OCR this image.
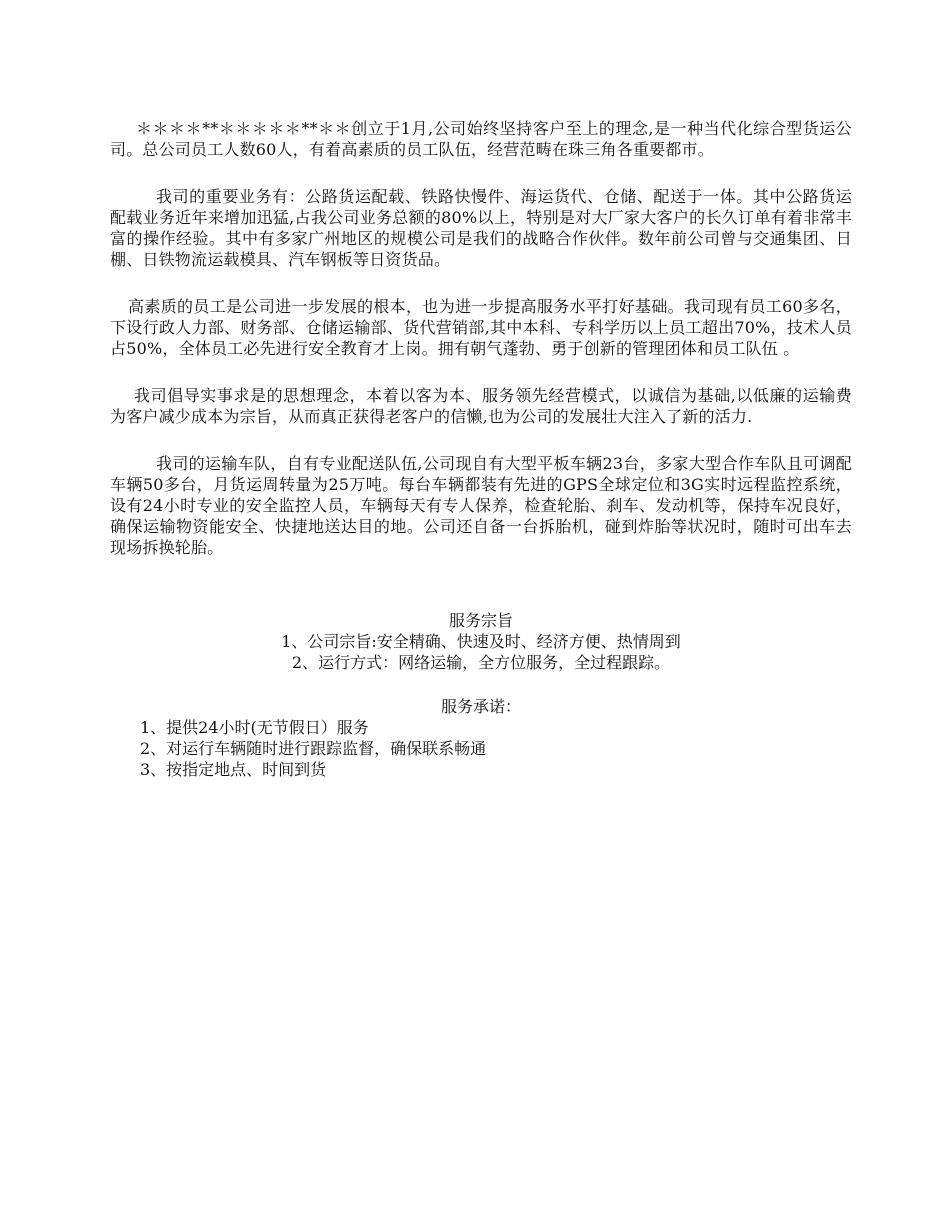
＊＊＊＊**＊＊＊＊＊**＊＊创立于1月,公司始终坚持客户至上的理念,是一种当代化综合型货运公司。总公司员工人数60人，有着高素质的员工队伍，经营范畴在珠三角各重要都市。

我司的重要业务有：公路货运配载、铁路快慢件、海运货代、仓储、配送于一体。其中公路货运配载业务近年来增加迅猛,占我公司业务总额的80%以上，特别是对大厂家大客户的长久订单有着非常丰富的操作经验。其中有多家广州地区的规模公司是我们的战略合作伙伴。数年前公司曾与交通集团、日棚、日铁物流运载模具、汽车钢板等日资货品。

高素质的员工是公司进一步发展的根本，也为进一步提高服务水平打好基础。我司现有员工60多名，下设行政人力部、财务部、仓储运输部、货代营销部,其中本科、专科学历以上员工超出70%，技术人员占50%，全体员工必先进行安全教育才上岗。拥有朝气蓬勃、勇于创新的管理团体和员工队伍 。

我司倡导实事求是的思想理念，本着以客为本、服务领先经营模式，以诚信为基础,以低廉的运输费为客户减少成本为宗旨，从而真正获得老客户的信懒,也为公司的发展壮大注入了新的活力.

我司的运输车队，自有专业配送队伍,公司现自有大型平板车辆23台，多家大型合作车队且可调配车辆50多台，月货运周转量为25万吨。每台车辆都装有先进的GPS全球定位和3G实时远程监控系统，设有24小时专业的安全监控人员，车辆每天有专人保养，检查轮胎、刹车、发动机等，保持车况良好，确保运输物资能安全、快捷地送达目的地。公司还自备一台拆胎机，碰到炸胎等状况时，随时可出车去现场拆换轮胎。

服务宗旨

1、公司宗旨:安全精确、快速及时、经济方便、热情周到

2、运行方式：网络运输，全方位服务，全过程跟踪。

服务承诺：

1、提供24小时(无节假日）服务
2、对运行车辆随时进行跟踪监督，确保联系畅通
3、按指定地点、时间到货
